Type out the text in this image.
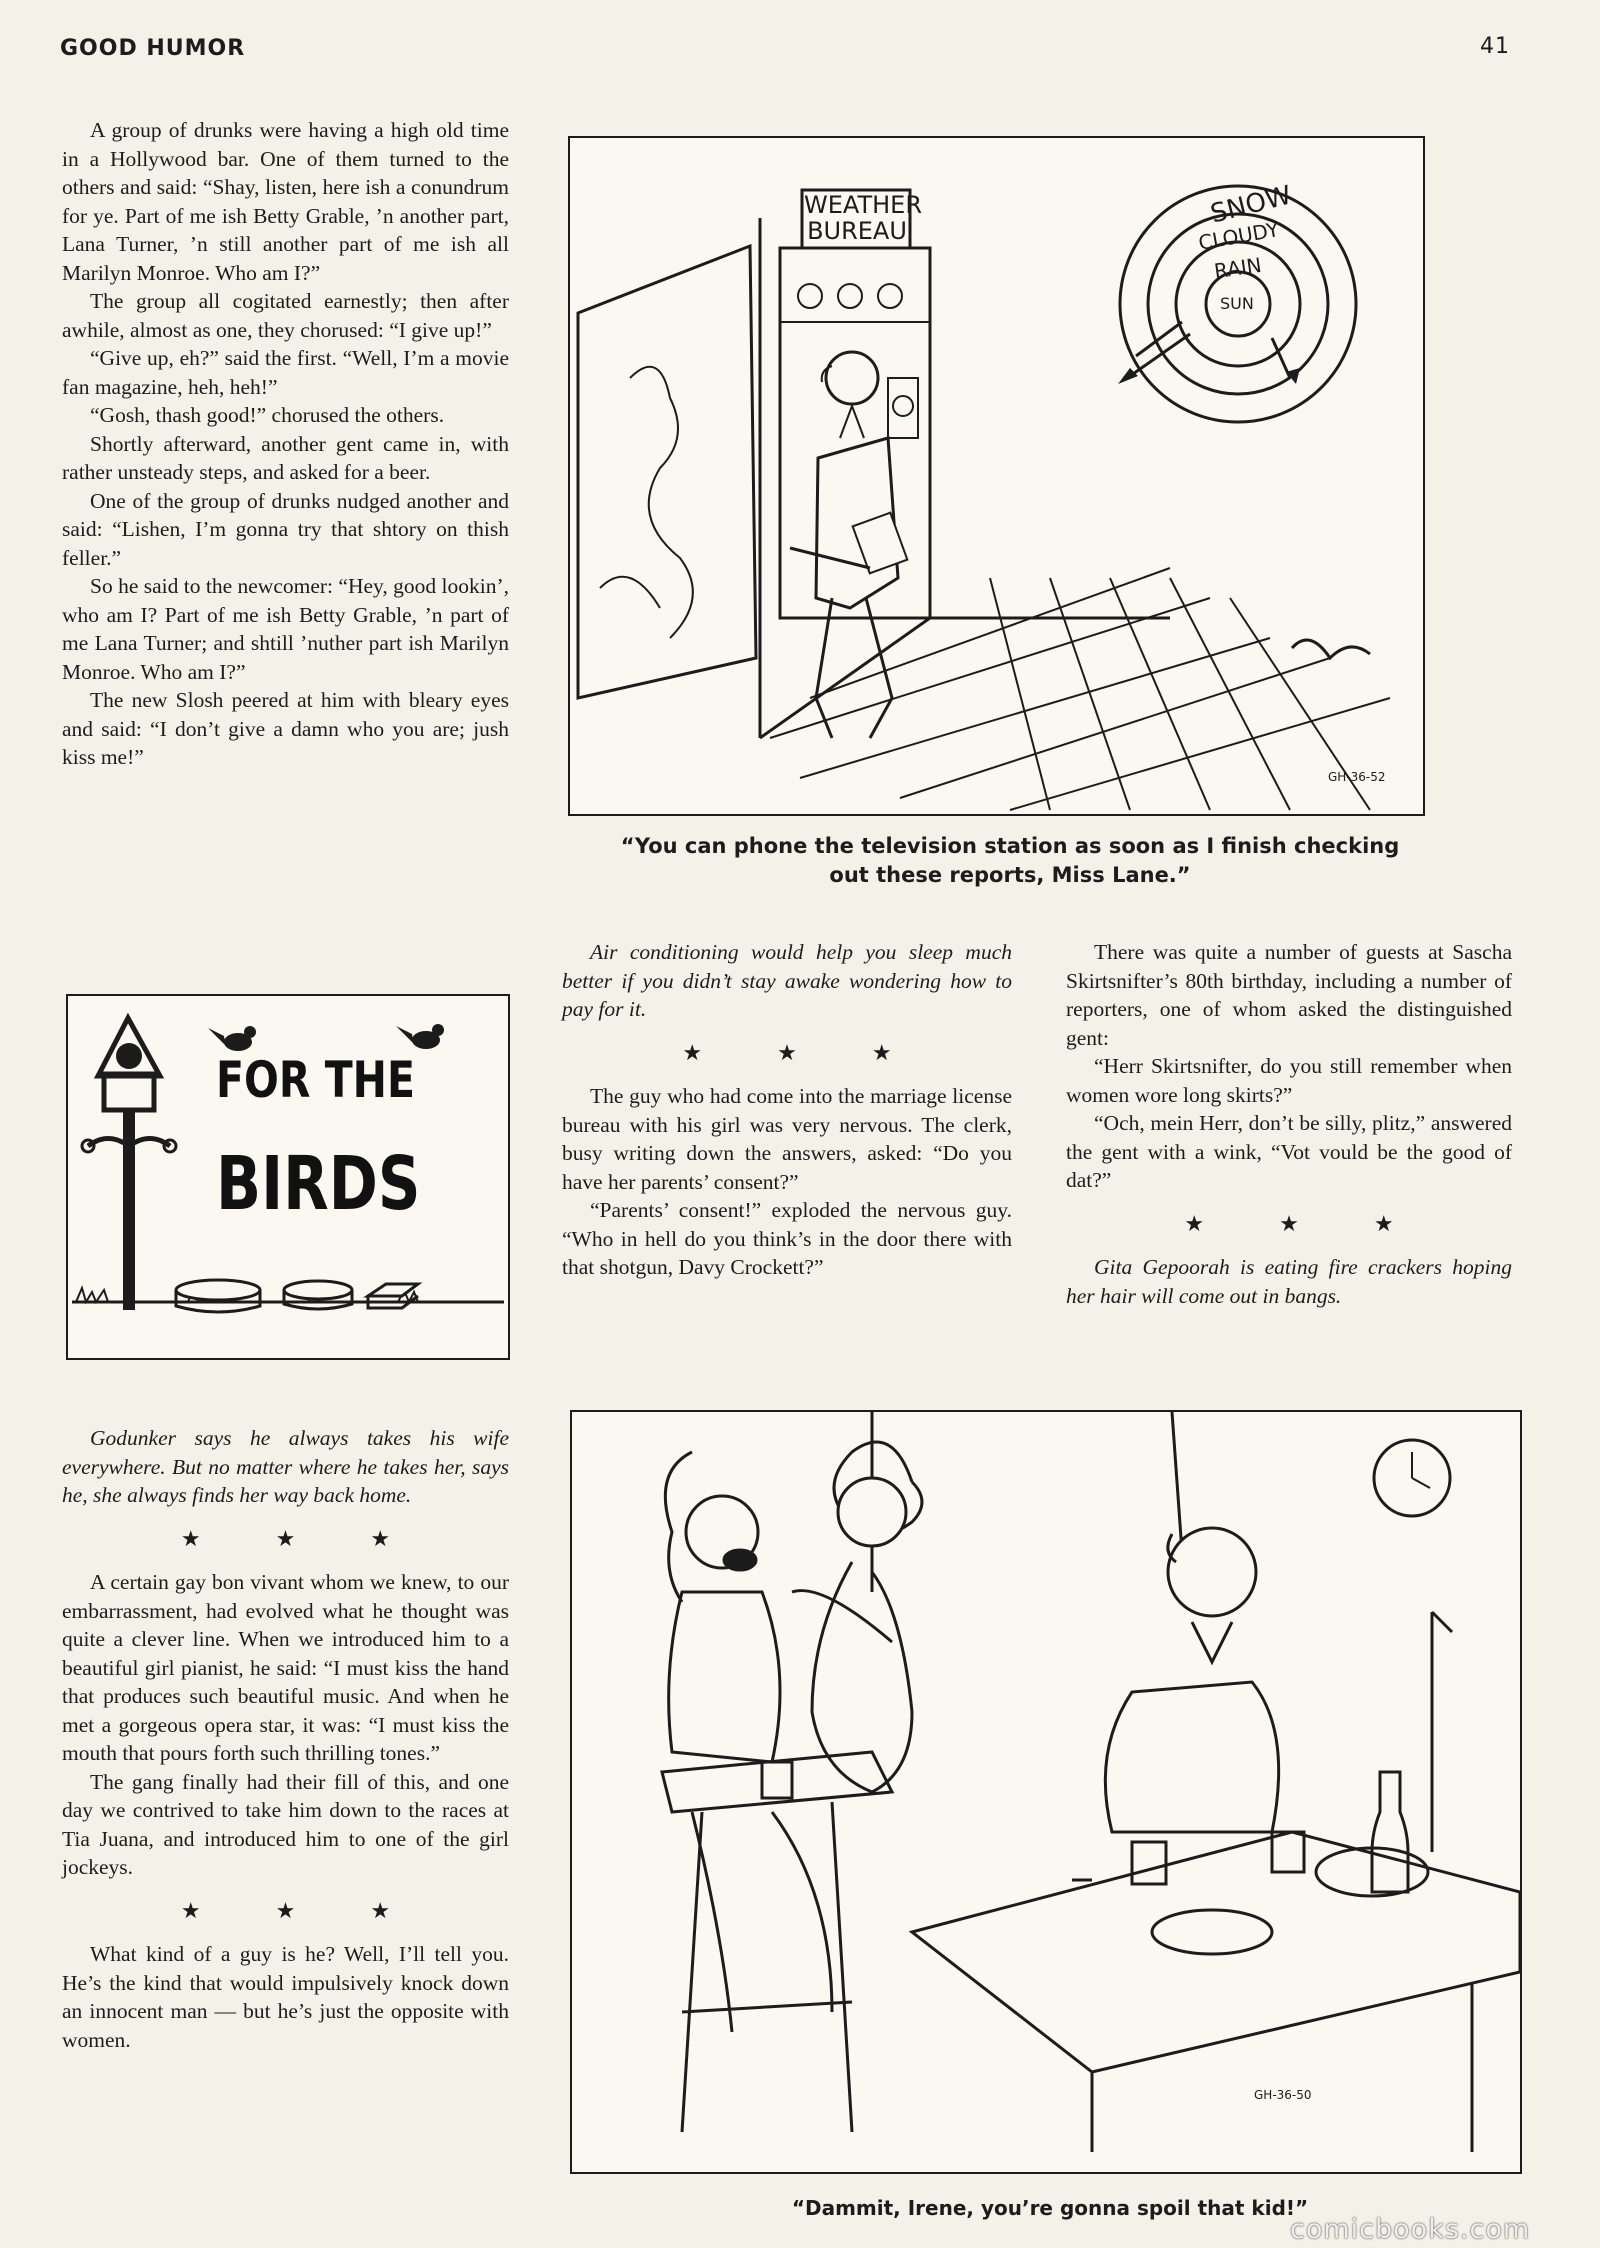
GOOD HUMOR	41

A group of drunks were having a high old time in a Hollywood bar. One of them turned to the others and said: “Shay, listen, here ish a conundrum for ye. Part of me ish Betty Grable, ’n another part, Lana Turner, ’n still another part of me ish all Marilyn Monroe. Who am I?”

The group all cogitated earnestly; then after awhile, almost as one, they chorused: “I give up!”

“Give up, eh?” said the first. “Well, I’m a movie fan magazine, heh, heh!”

“Gosh, thash good!” chorused the others.

Shortly afterward, another gent came in, with rather unsteady steps, and asked for a beer.

One of the group of drunks nudged another and said: “Lishen, I’m gonna try that shtory on thish feller.”

So he said to the newcomer: “Hey, good lookin’, who am I? Part of me ish Betty Grable, ’n part of me Lana Turner; and shtill ’nuther part ish Marilyn Monroe. Who am I?”

The new Slosh peered at him with bleary eyes and said: “I don’t give a damn who you are; jush kiss me!”

FOR THE
BIRDS

Godunker says he always takes his wife everywhere. But no matter where he takes her, says he, she always finds her way back home.

★ ★ ★

A certain gay bon vivant whom we knew, to our embarrassment, had evolved what he thought was quite a clever line. When we introduced him to a beautiful girl pianist, he said: “I must kiss the hand that produces such beautiful music. And when he met a gorgeous opera star, it was: “I must kiss the mouth that pours forth such thrilling tones.”

The gang finally had their fill of this, and one day we contrived to take him down to the races at Tia Juana, and introduced him to one of the girl jockeys.

★ ★ ★

What kind of a guy is he? Well, I’ll tell you. He’s the kind that would impulsively knock down an innocent man — but he’s just the opposite with women.

WEATHER
BUREAU
SNOW
CLOUDY
RAIN
SUN
GH-36-52
“You can phone the television station as soon as I finish checking out these reports, Miss Lane.”

Air conditioning would help you sleep much better if you didn’t stay awake wondering how to pay for it.

★ ★ ★

The guy who had come into the marriage license bureau with his girl was very nervous. The clerk, busy writing down the answers, asked: “Do you have her parents’ consent?”

“Parents’ consent!” exploded the nervous guy. “Who in hell do you think’s in the door there with that shotgun, Davy Crockett?”

There was quite a number of guests at Sascha Skirtsnifter’s 80th birthday, including a number of reporters, one of whom asked the distinguished gent:

“Herr Skirtsnifter, do you still remember when women wore long skirts?”

“Och, mein Herr, don’t be silly, plitz,” answered the gent with a wink, “Vot vould be the good of dat?”

★ ★ ★

Gita Gepoorah is eating fire crackers hoping her hair will come out in bangs.

GH-36-50
“Dammit, Irene, you’re gonna spoil that kid!”
comicbooks.com
